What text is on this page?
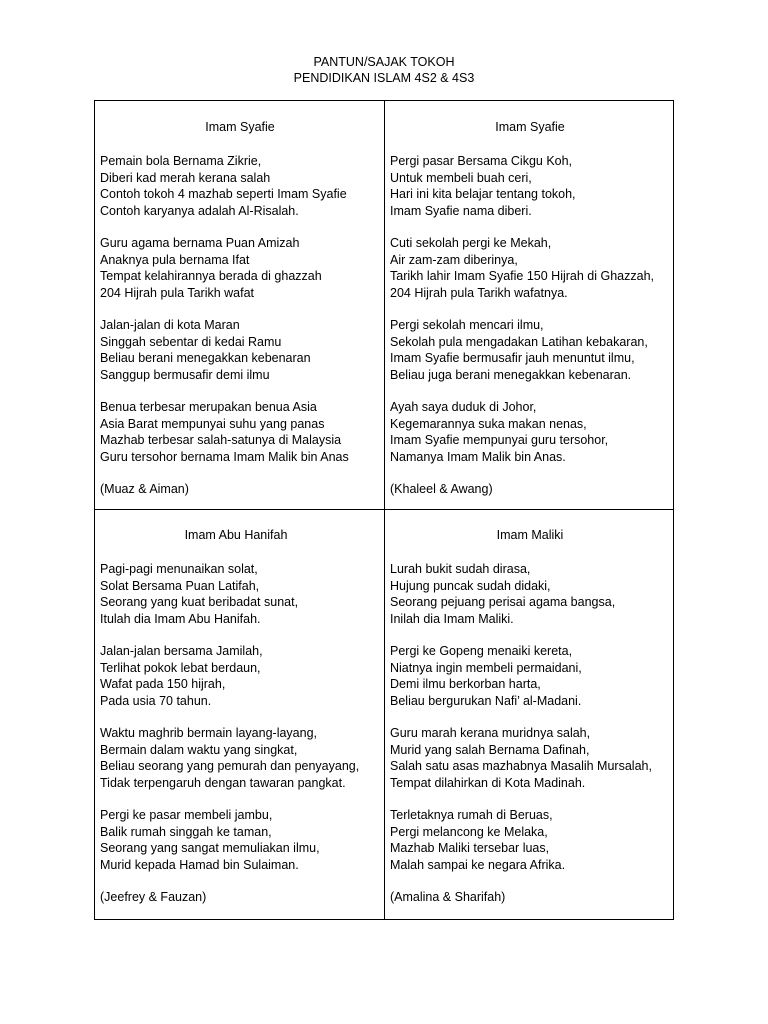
PANTUN/SAJAK TOKOH
PENDIDIKAN ISLAM 4S2 & 4S3
Imam Syafie
Pemain bola Bernama Zikrie,
Diberi kad merah kerana salah
Contoh tokoh 4 mazhab seperti Imam Syafie
Contoh karyanya adalah Al-Risalah.
Guru agama bernama Puan Amizah
Anaknya pula bernama Ifat
Tempat kelahirannya berada di ghazzah
204 Hijrah pula Tarikh wafat
Jalan-jalan di kota Maran
Singgah sebentar di kedai Ramu
Beliau berani menegakkan kebenaran
Sanggup bermusafir demi ilmu
Benua terbesar merupakan benua Asia
Asia Barat mempunyai suhu yang panas
Mazhab terbesar salah-satunya di Malaysia
Guru tersohor bernama Imam Malik bin Anas
(Muaz & Aiman)
Imam Syafie
Pergi pasar Bersama Cikgu Koh,
Untuk membeli buah ceri,
Hari ini kita belajar tentang tokoh,
Imam Syafie nama diberi.
Cuti sekolah pergi ke Mekah,
Air zam-zam diberinya,
Tarikh lahir Imam Syafie 150 Hijrah di Ghazzah,
204 Hijrah pula Tarikh wafatnya.
Pergi sekolah mencari ilmu,
Sekolah pula mengadakan Latihan kebakaran,
Imam Syafie bermusafir jauh menuntut ilmu,
Beliau juga berani menegakkan kebenaran.
Ayah saya duduk di Johor,
Kegemarannya suka makan nenas,
Imam Syafie mempunyai guru tersohor,
Namanya Imam Malik bin Anas.
(Khaleel & Awang)
Imam Abu Hanifah
Pagi-pagi menunaikan solat,
Solat Bersama Puan Latifah,
Seorang yang kuat beribadat sunat,
Itulah dia Imam Abu Hanifah.
Jalan-jalan bersama Jamilah,
Terlihat pokok lebat berdaun,
Wafat pada 150 hijrah,
Pada usia 70 tahun.
Waktu maghrib bermain layang-layang,
Bermain dalam waktu yang singkat,
Beliau seorang yang pemurah dan penyayang,
Tidak terpengaruh dengan tawaran pangkat.
Pergi ke pasar membeli jambu,
Balik rumah singgah ke taman,
Seorang yang sangat memuliakan ilmu,
Murid kepada Hamad bin Sulaiman.
(Jeefrey & Fauzan)
Imam Maliki
Lurah bukit sudah dirasa,
Hujung puncak sudah didaki,
Seorang pejuang perisai agama bangsa,
Inilah dia Imam Maliki.
Pergi ke Gopeng menaiki kereta,
Niatnya ingin membeli permaidani,
Demi ilmu berkorban harta,
Beliau bergurukan Nafi’ al-Madani.
Guru marah kerana muridnya salah,
Murid yang salah Bernama Dafinah,
Salah satu asas mazhabnya Masalih Mursalah,
Tempat dilahirkan di Kota Madinah.
Terletaknya rumah di Beruas,
Pergi melancong ke Melaka,
Mazhab Maliki tersebar luas,
Malah sampai ke negara Afrika.
(Amalina & Sharifah)
